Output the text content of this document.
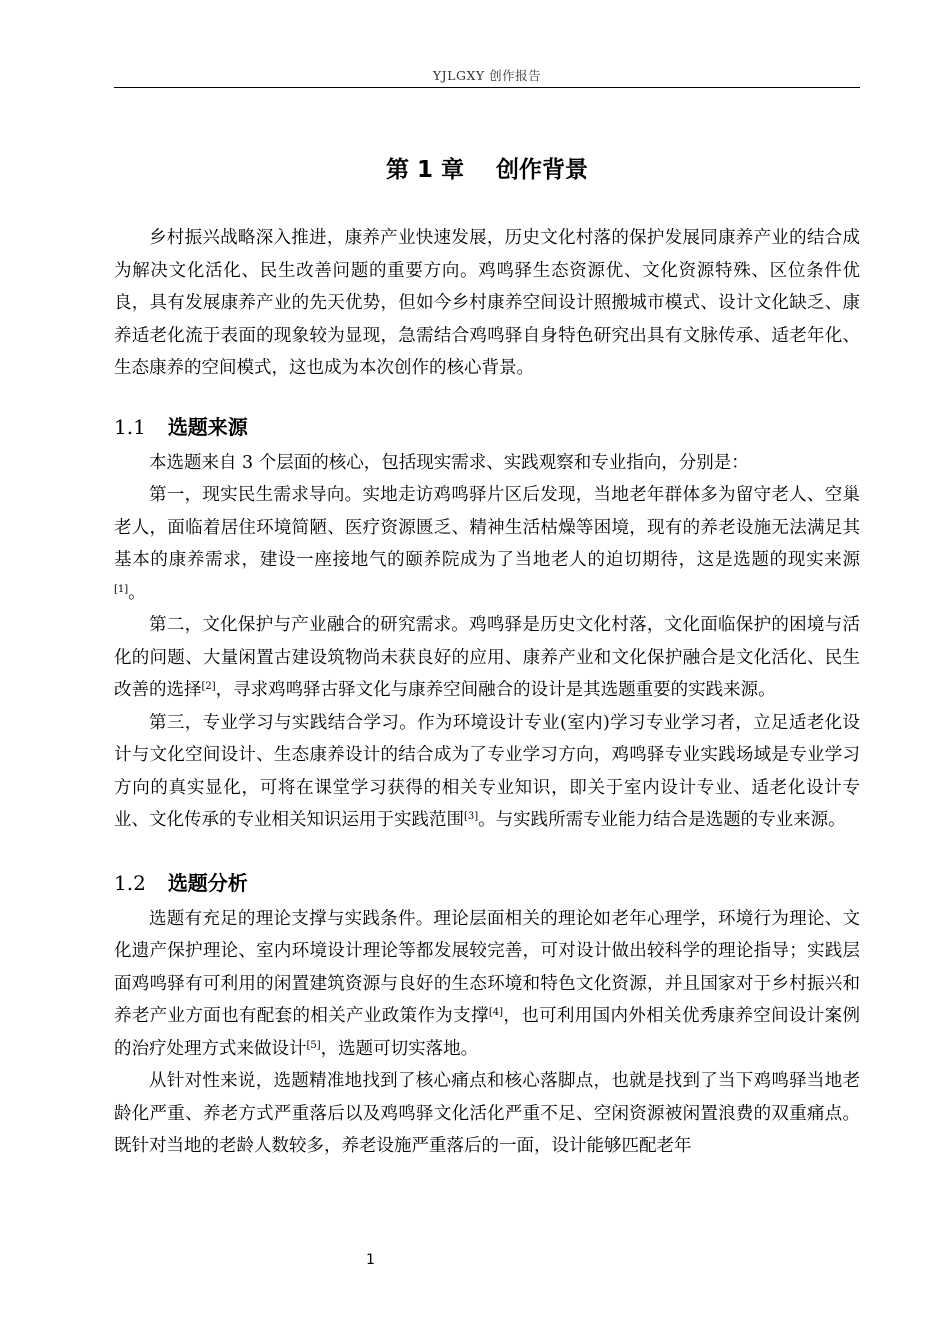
YJLGXY 创作报告
第 1 章 创作背景

乡村振兴战略深入推进，康养产业快速发展，历史文化村落的保护发展同康养产业的结合成为解决文化活化、民生改善问题的重要方向。鸡鸣驿生态资源优、文化资源特殊、区位条件优良，具有发展康养产业的先天优势，但如今乡村康养空间设计照搬城市模式、设计文化缺乏、康养适老化流于表面的现象较为显现，急需结合鸡鸣驿自身特色研究出具有文脉传承、适老年化、生态康养的空间模式，这也成为本次创作的核心背景。

1.1 选题来源

本选题来自 3 个层面的核心，包括现实需求、实践观察和专业指向，分别是：

第一，现实民生需求导向。实地走访鸡鸣驿片区后发现，当地老年群体多为留守老人、空巢老人，面临着居住环境简陋、医疗资源匮乏、精神生活枯燥等困境，现有的养老设施无法满足其基本的康养需求，建设一座接地气的颐养院成为了当地老人的迫切期待，这是选题的现实来源[1]。

第二，文化保护与产业融合的研究需求。鸡鸣驿是历史文化村落，文化面临保护的困境与活化的问题、大量闲置古建设筑物尚未获良好的应用、康养产业和文化保护融合是文化活化、民生改善的选择[2]，寻求鸡鸣驿古驿文化与康养空间融合的设计是其选题重要的实践来源。

第三，专业学习与实践结合学习。作为环境设计专业(室内)学习专业学习者，立足适老化设计与文化空间设计、生态康养设计的结合成为了专业学习方向，鸡鸣驿专业实践场域是专业学习方向的真实显化，可将在课堂学习获得的相关专业知识，即关于室内设计专业、适老化设计专业、文化传承的专业相关知识运用于实践范围[3]。与实践所需专业能力结合是选题的专业来源。

1.2 选题分析

选题有充足的理论支撑与实践条件。理论层面相关的理论如老年心理学，环境行为理论、文化遗产保护理论、室内环境设计理论等都发展较完善，可对设计做出较科学的理论指导；实践层面鸡鸣驿有可利用的闲置建筑资源与良好的生态环境和特色文化资源，并且国家对于乡村振兴和养老产业方面也有配套的相关产业政策作为支撑[4]，也可利用国内外相关优秀康养空间设计案例的治疗处理方式来做设计[5]，选题可切实落地。

从针对性来说，选题精准地找到了核心痛点和核心落脚点，也就是找到了当下鸡鸣驿当地老龄化严重、养老方式严重落后以及鸡鸣驿文化活化严重不足、空闲资源被闲置浪费的双重痛点。既针对当地的老龄人数较多，养老设施严重落后的一面，设计能够匹配老年

1
